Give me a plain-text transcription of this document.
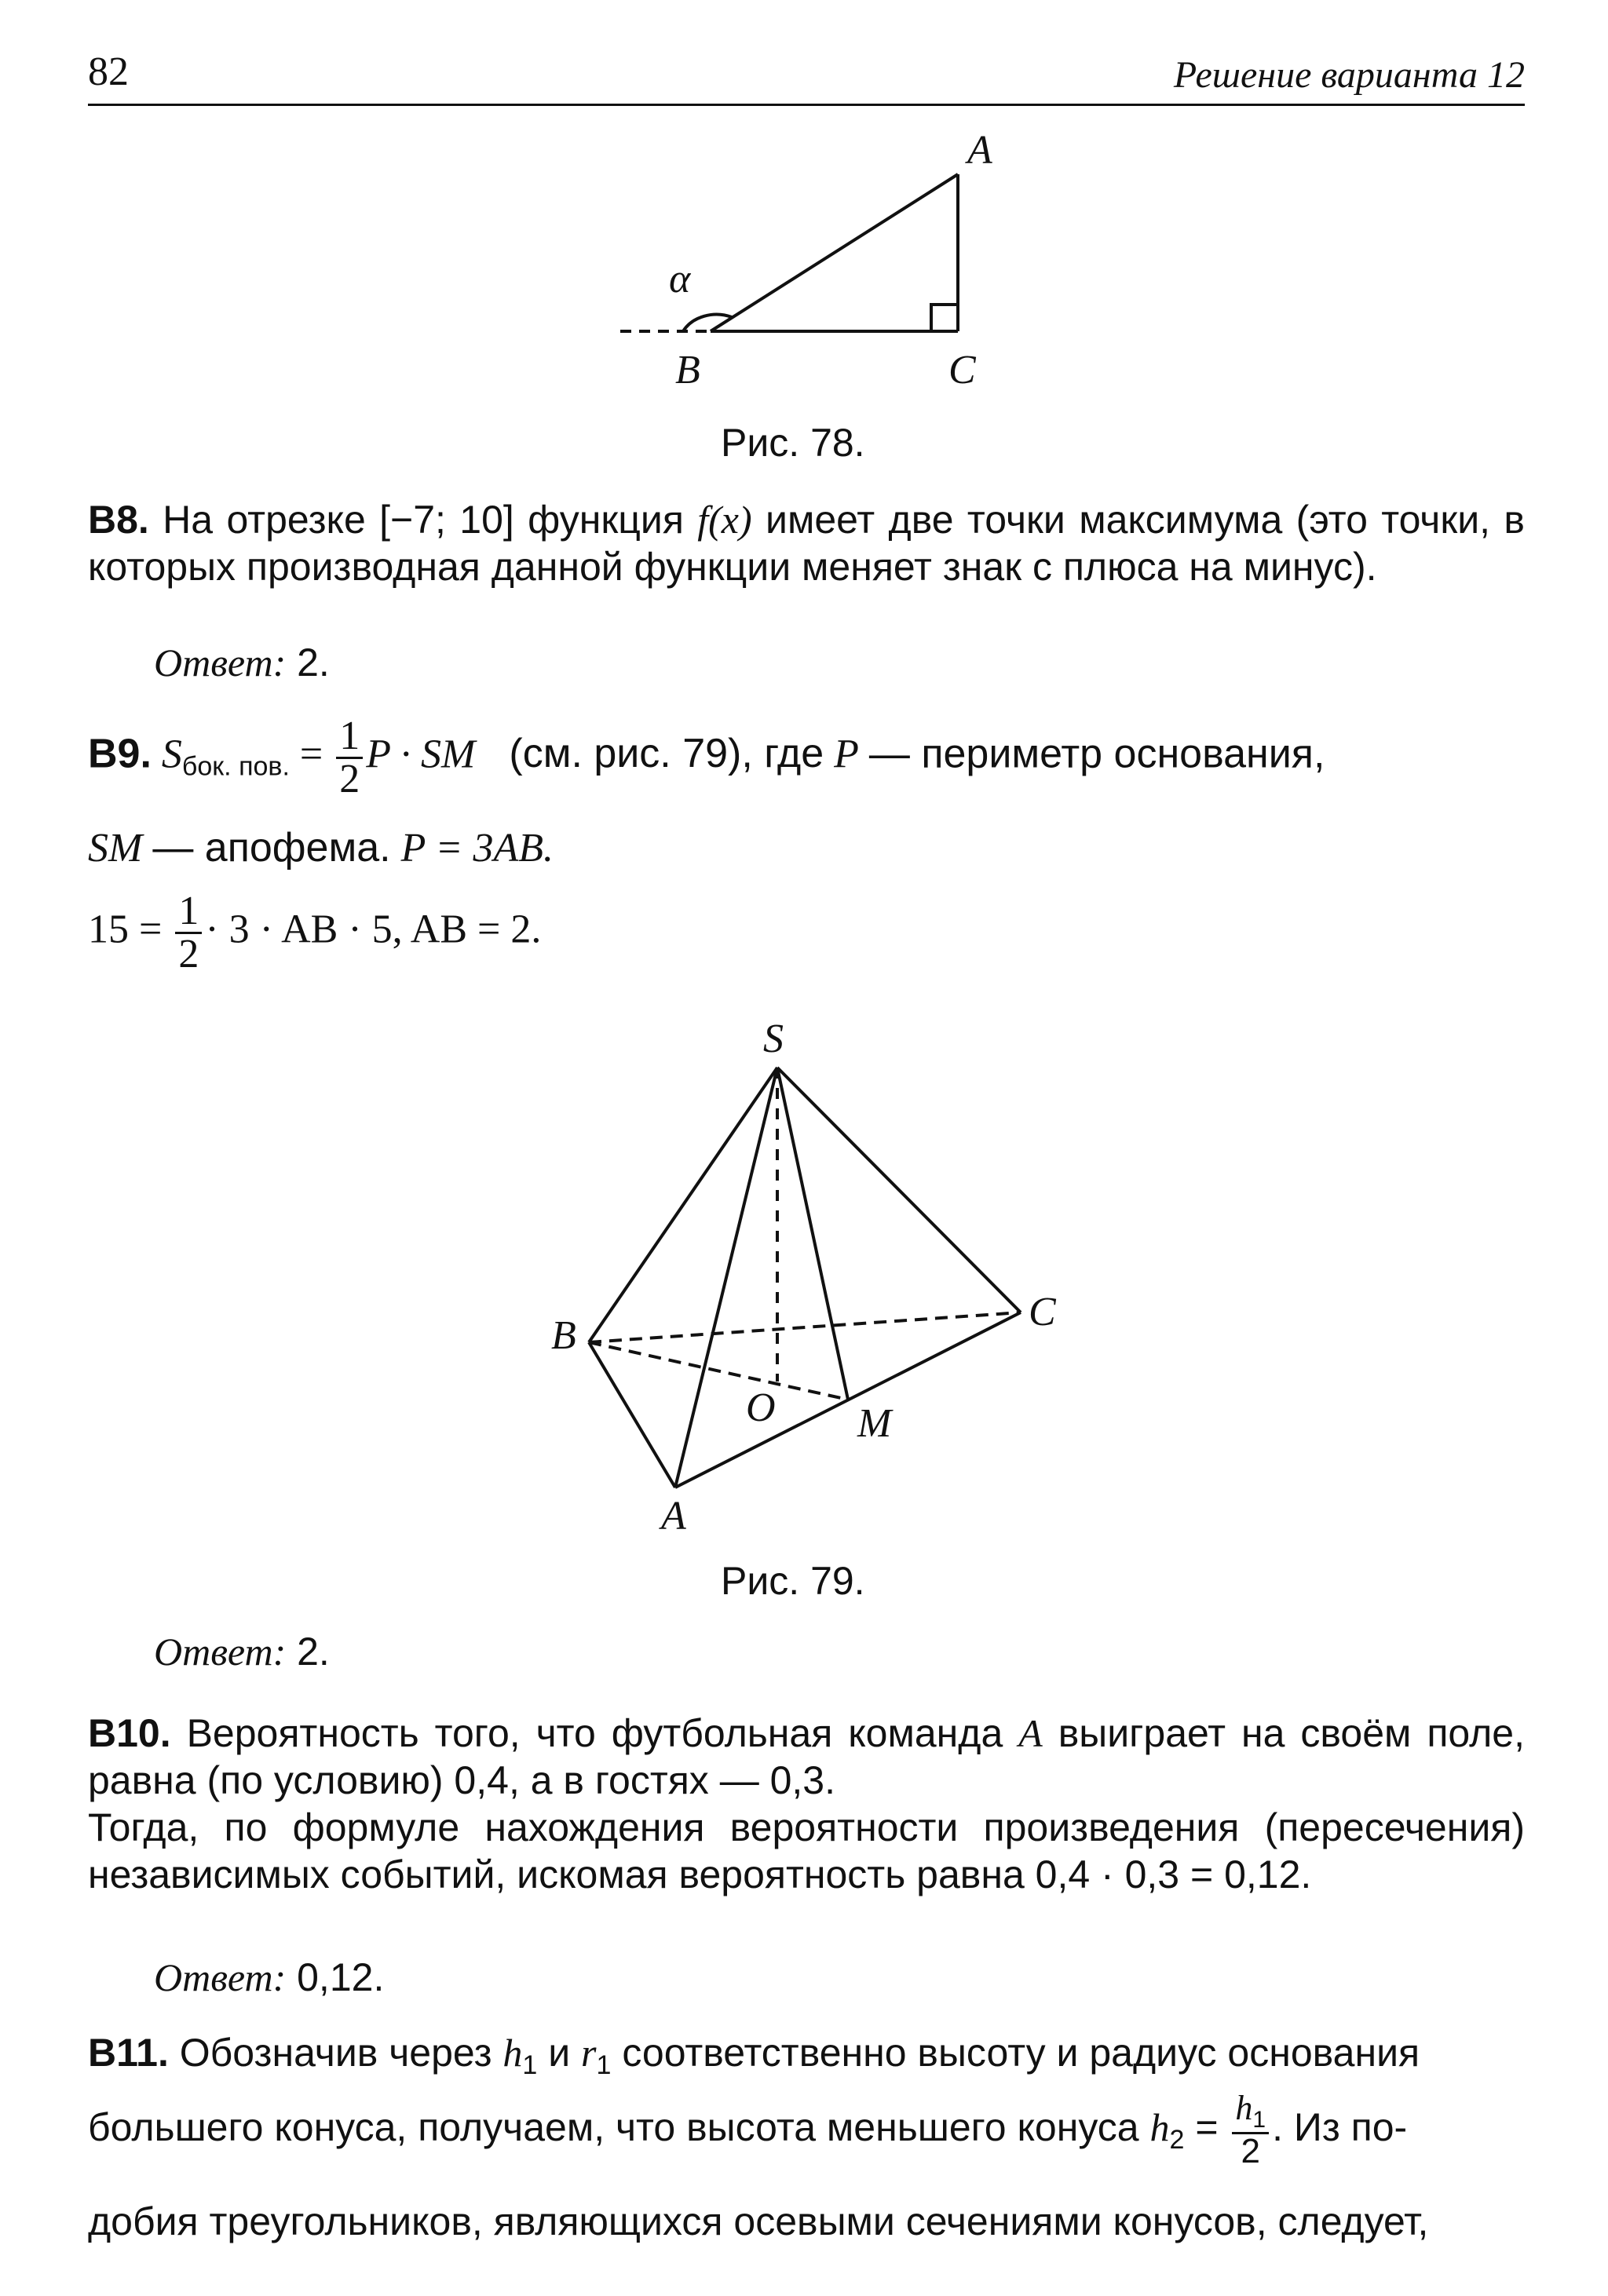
82	Решение варианта 12
A
B	C
α
Рис. 78.
B8. На отрезке [−7; 10] функция f(x) имеет две точки максимума (это точки, в которых производная данной функции меняет знак с плюса на минус).
Ответ: 2.
B9. $S_{бок. пов.} = \frac{1}{2}$ P · SM (см. рис. 79), где P — периметр основания,
SM — апофема. P = 3AB.
$15 = \frac{1}{2} \cdot 3$ · AB · 5, AB = 2.
S
B
C
O M
A
Рис. 79.
Ответ: 2.
B10. Вероятность того, что футбольная команда A выиграет на своём поле, равна (по условию) 0,4, а в гостях — 0,3.
Тогда, по формуле нахождения вероятности произведения (пересечения) независимых событий, искомая вероятность равна 0,4 · 0,3 = 0,12.
Ответ: 0,12.
B11. Обозначив через $h_1$ и $r_1$ соответственно высоту и радиус основания
большего конуса, получаем, что высота меньшего конуса $h_2 = \frac{h_1}{2}$ . Из по-
добия треугольников, являющихся осевыми сечениями конусов, следует,
